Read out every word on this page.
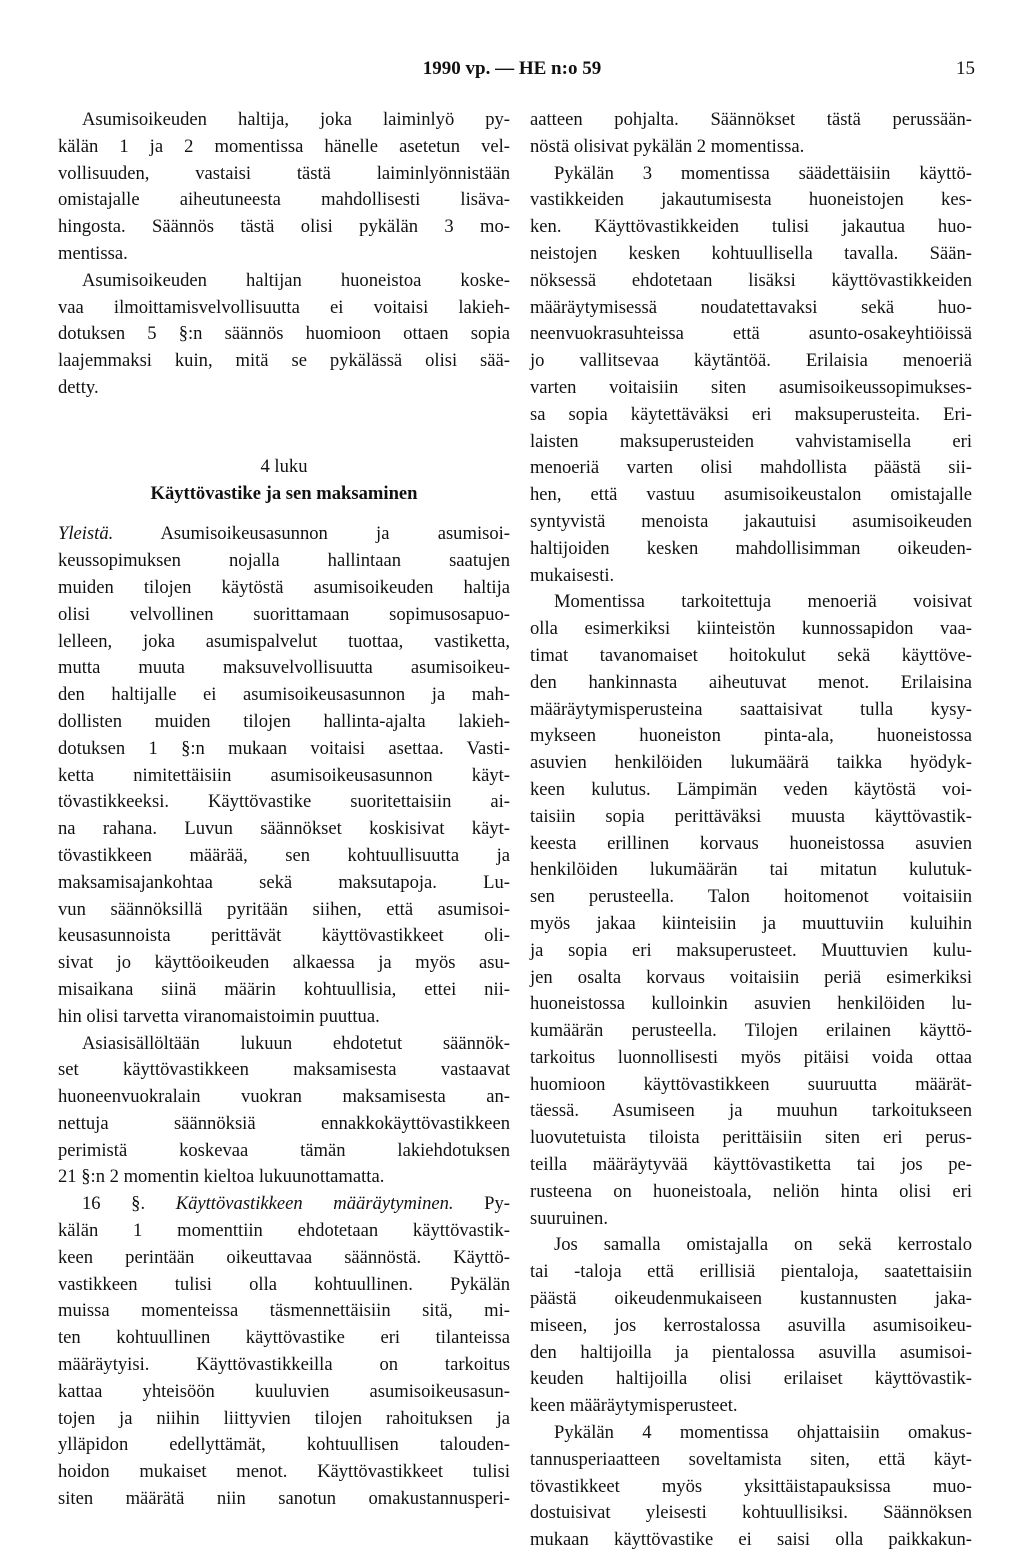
1990 vp. — HE n:o 59	15
Asumisoikeuden haltija, joka laiminlyö py-
kälän 1 ja 2 momentissa hänelle asetetun vel-
vollisuuden, vastaisi tästä laiminlyönnistään
omistajalle aiheutuneesta mahdollisesti lisäva-
hingosta. Säännös tästä olisi pykälän 3 mo-
mentissa.
Asumisoikeuden haltijan huoneistoa koske-
vaa ilmoittamisvelvollisuutta ei voitaisi lakieh-
dotuksen 5 §:n säännös huomioon ottaen sopia
laajemmaksi kuin, mitä se pykälässä olisi sää-
detty.
4 luku
Käyttövastike ja sen maksaminen
Yleistä.	Asumisoikeusasunnon ja asumisoi-
keussopimuksen nojalla hallintaan saatujen
muiden tilojen käytöstä asumisoikeuden haltija
olisi velvollinen suorittamaan sopimusosapuo-
lelleen, joka asumispalvelut tuottaa, vastiketta,
mutta muuta maksuvelvollisuutta asumisoikeu-
den haltijalle ei asumisoikeusasunnon ja mah-
dollisten muiden tilojen hallinta-ajalta lakieh-
dotuksen 1 §:n mukaan voitaisi asettaa. Vasti-
ketta nimitettäisiin asumisoikeusasunnon käyt-
tövastikkeeksi. Käyttövastike suoritettaisiin ai-
na rahana. Luvun säännökset koskisivat käyt-
tövastikkeen määrää, sen kohtuullisuutta ja
maksamisajankohtaa sekä maksutapoja. Lu-
vun säännöksillä pyritään siihen, että asumisoi-
keusasunnoista perittävät käyttövastikkeet oli-
sivat jo käyttöoikeuden alkaessa ja myös asu-
misaikana siinä määrin kohtuullisia, ettei nii-
hin olisi tarvetta viranomaistoimin puuttua.
Asiasisällöltään lukuun ehdotetut säännök-
set käyttövastikkeen maksamisesta vastaavat
huoneenvuokralain vuokran maksamisesta an-
nettuja säännöksiä ennakkokäyttövastikkeen
perimistä koskevaa tämän lakiehdotuksen
21 §:n 2 momentin kieltoa lukuunottamatta.
16 §. Käyttövastikkeen määräytyminen. Py-
kälän 1 momenttiin ehdotetaan käyttövastik-
keen perintään oikeuttavaa säännöstä. Käyttö-
vastikkeen tulisi olla kohtuullinen. Pykälän
muissa momenteissa täsmennettäisiin sitä, mi-
ten kohtuullinen käyttövastike eri tilanteissa
määräytyisi. Käyttövastikkeilla on tarkoitus
kattaa yhteisöön kuuluvien asumisoikeusasun-
tojen ja niihin liittyvien tilojen rahoituksen ja
ylläpidon edellyttämät, kohtuullisen talouden-
hoidon mukaiset menot. Käyttövastikkeet tulisi
siten määrätä niin sanotun omakustannusperi-
aatteen pohjalta. Säännökset tästä perussään-
nöstä olisivat pykälän 2 momentissa.
Pykälän 3 momentissa säädettäisiin käyttö-
vastikkeiden jakautumisesta huoneistojen kes-
ken. Käyttövastikkeiden tulisi jakautua huo-
neistojen kesken kohtuullisella tavalla. Sään-
nöksessä ehdotetaan lisäksi käyttövastikkeiden
määräytymisessä noudatettavaksi sekä huo-
neenvuokrasuhteissa että asunto-osakeyhtiöissä
jo vallitsevaa käytäntöä. Erilaisia menoeriä
varten voitaisiin siten asumisoikeussopimukses-
sa sopia käytettäväksi eri maksuperusteita. Eri-
laisten maksuperusteiden vahvistamisella eri
menoeriä varten olisi mahdollista päästä sii-
hen, että vastuu asumisoikeustalon omistajalle
syntyvistä menoista jakautuisi asumisoikeuden
haltijoiden kesken mahdollisimman oikeuden-
mukaisesti.
Momentissa tarkoitettuja menoeriä voisivat
olla esimerkiksi kiinteistön kunnossapidon vaa-
timat tavanomaiset hoitokulut sekä käyttöve-
den hankinnasta aiheutuvat menot. Erilaisina
määräytymisperusteina saattaisivat tulla kysy-
mykseen huoneiston pinta-ala, huoneistossa
asuvien henkilöiden lukumäärä taikka hyödyk-
keen kulutus. Lämpimän veden käytöstä voi-
taisiin sopia perittäväksi muusta käyttövastik-
keesta erillinen korvaus huoneistossa asuvien
henkilöiden lukumäärän tai mitatun kulutuk-
sen perusteella. Talon hoitomenot voitaisiin
myös jakaa kiinteisiin ja muuttuviin kuluihin
ja sopia eri maksuperusteet. Muuttuvien kulu-
jen osalta korvaus voitaisiin periä esimerkiksi
huoneistossa kulloinkin asuvien henkilöiden lu-
kumäärän perusteella. Tilojen erilainen käyttö-
tarkoitus luonnollisesti myös pitäisi voida ottaa
huomioon käyttövastikkeen suuruutta määrät-
täessä. Asumiseen ja muuhun tarkoitukseen
luovutetuista tiloista perittäisiin siten eri perus-
teilla määräytyvää käyttövastiketta tai jos pe-
rusteena on huoneistoala, neliön hinta olisi eri
suuruinen.
Jos samalla omistajalla on sekä kerrostalo
tai -taloja että erillisiä pientaloja, saatettaisiin
päästä oikeudenmukaiseen kustannusten jaka-
miseen, jos kerrostalossa asuvilla asumisoikeu-
den haltijoilla ja pientalossa asuvilla asumisoi-
keuden haltijoilla olisi erilaiset käyttövastik-
keen määräytymisperusteet.
Pykälän 4 momentissa ohjattaisiin omakus-
tannusperiaatteen soveltamista siten, että käyt-
tövastikkeet myös yksittäistapauksissa muo-
dostuisivat yleisesti kohtuullisiksi. Säännöksen
mukaan käyttövastike ei saisi olla paikkakun-
